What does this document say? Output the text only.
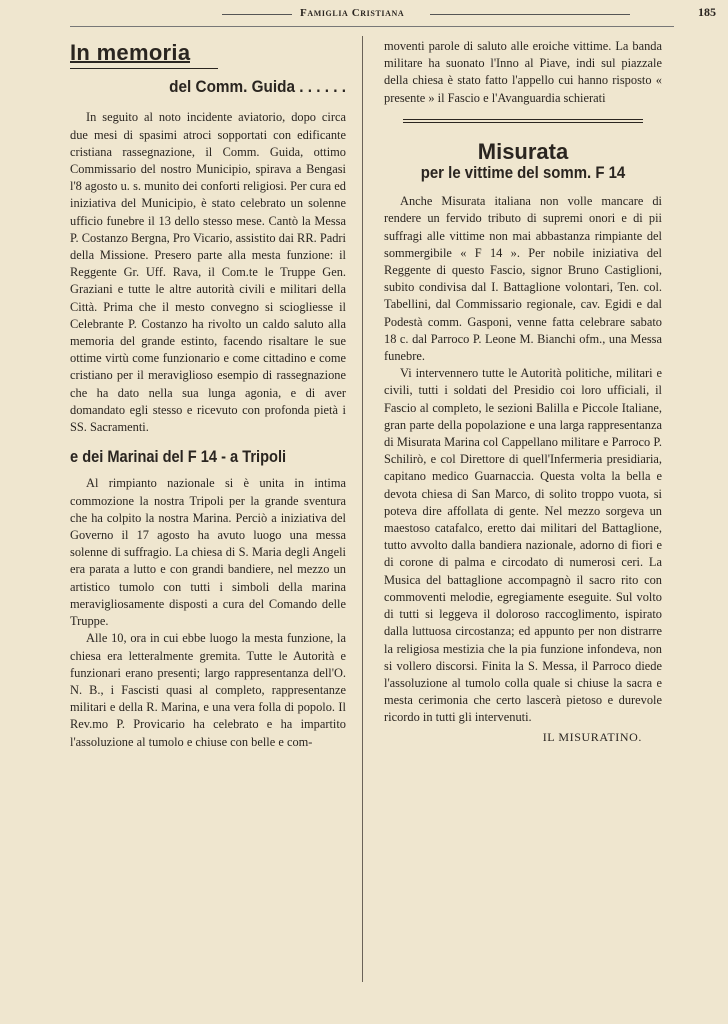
Famiglia Cristiana	185
In memoria
del Comm. Guida . . . . . .

In seguito al noto incidente aviatorio, dopo circa due mesi di spasimi atroci sopportati con edificante cristiana rassegnazione, il Comm. Guida, ottimo Commissario del nostro Municipio, spirava a Bengasi l'8 agosto u. s. munito dei conforti religiosi. Per cura ed iniziativa del Municipio, è stato celebrato un solenne ufficio funebre il 13 dello stesso mese. Cantò la Messa P. Costanzo Bergna, Pro Vicario, assistito dai RR. Padri della Missione. Presero parte alla mesta funzione: il Reggente Gr. Uff. Rava, il Com.te le Truppe Gen. Graziani e tutte le altre autorità civili e militari della Città. Prima che il mesto convegno si sciogliesse il Celebrante P. Costanzo ha rivolto un caldo saluto alla memoria del grande estinto, facendo risaltare le sue ottime virtù come funzionario e come cittadino e come cristiano per il meraviglioso esempio di rassegnazione che ha dato nella sua lunga agonia, e di aver domandato egli stesso e ricevuto con profonda pietà i SS. Sacramenti.

e dei Marinai del F 14 - a Tripoli

Al rimpianto nazionale si è unita in intima commozione la nostra Tripoli per la grande sventura che ha colpito la nostra Marina. Perciò a iniziativa del Governo il 17 agosto ha avuto luogo una messa solenne di suffragio. La chiesa di S. Maria degli Angeli era parata a lutto e con grandi bandiere, nel mezzo un artistico tumolo con tutti i simboli della marina meravigliosamente disposti a cura del Comando delle Truppe.

Alle 10, ora in cui ebbe luogo la mesta funzione, la chiesa era letteralmente gremita. Tutte le Autorità e funzionari erano presenti; largo rappresentanza dell'O. N. B., i Fascisti quasi al completo, rappresentanze militari e della R. Marina, e una vera folla di popolo. Il Rev.mo P. Provicario ha celebrato e ha impartito l'assoluzione al tumolo e chiuse con belle e com-

moventi parole di saluto alle eroiche vittime. La banda militare ha suonato l'Inno al Piave, indi sul piazzale della chiesa è stato fatto l'appello cui hanno risposto « presente » il Fascio e l'Avanguardia schierati

Misurata
per le vittime del somm. F 14

Anche Misurata italiana non volle mancare di rendere un fervido tributo di supremi onori e di pii suffragi alle vittime non mai abbastanza rimpiante del sommergibile « F 14 ». Per nobile iniziativa del Reggente di questo Fascio, signor Bruno Castiglioni, subito condivisa dal I. Battaglione volontari, Ten. col. Tabellini, dal Commissario regionale, cav. Egidi e dal Podestà comm. Gasponi, venne fatta celebrare sabato 18 c. dal Parroco P. Leone M. Bianchi ofm., una Messa funebre.

Vi intervennero tutte le Autorità politiche, militari e civili, tutti i soldati del Presidio coi loro ufficiali, il Fascio al completo, le sezioni Balilla e Piccole Italiane, gran parte della popolazione e una larga rappresentanza di Misurata Marina col Cappellano militare e Parroco P. Schilirò, e col Direttore di quell'Infermeria presidiaria, capitano medico Guarnaccia. Questa volta la bella e devota chiesa di San Marco, di solito troppo vuota, si poteva dire affollata di gente. Nel mezzo sorgeva un maestoso catafalco, eretto dai militari del Battaglione, tutto avvolto dalla bandiera nazionale, adorno di fiori e di corone di palma e circodato di numerosi ceri. La Musica del battaglione accompagnò il sacro rito con commoventi melodie, egregiamente eseguite. Sul volto di tutti si leggeva il doloroso raccoglimento, ispirato dalla luttuosa circostanza; ed appunto per non distrarre la religiosa mestizia che la pia funzione infondeva, non si vollero discorsi. Finita la S. Messa, il Parroco diede l'assoluzione al tumolo colla quale si chiuse la sacra e mesta cerimonia che certo lascerà pietoso e durevole ricordo in tutti gli intervenuti.

IL MISURATINO.
